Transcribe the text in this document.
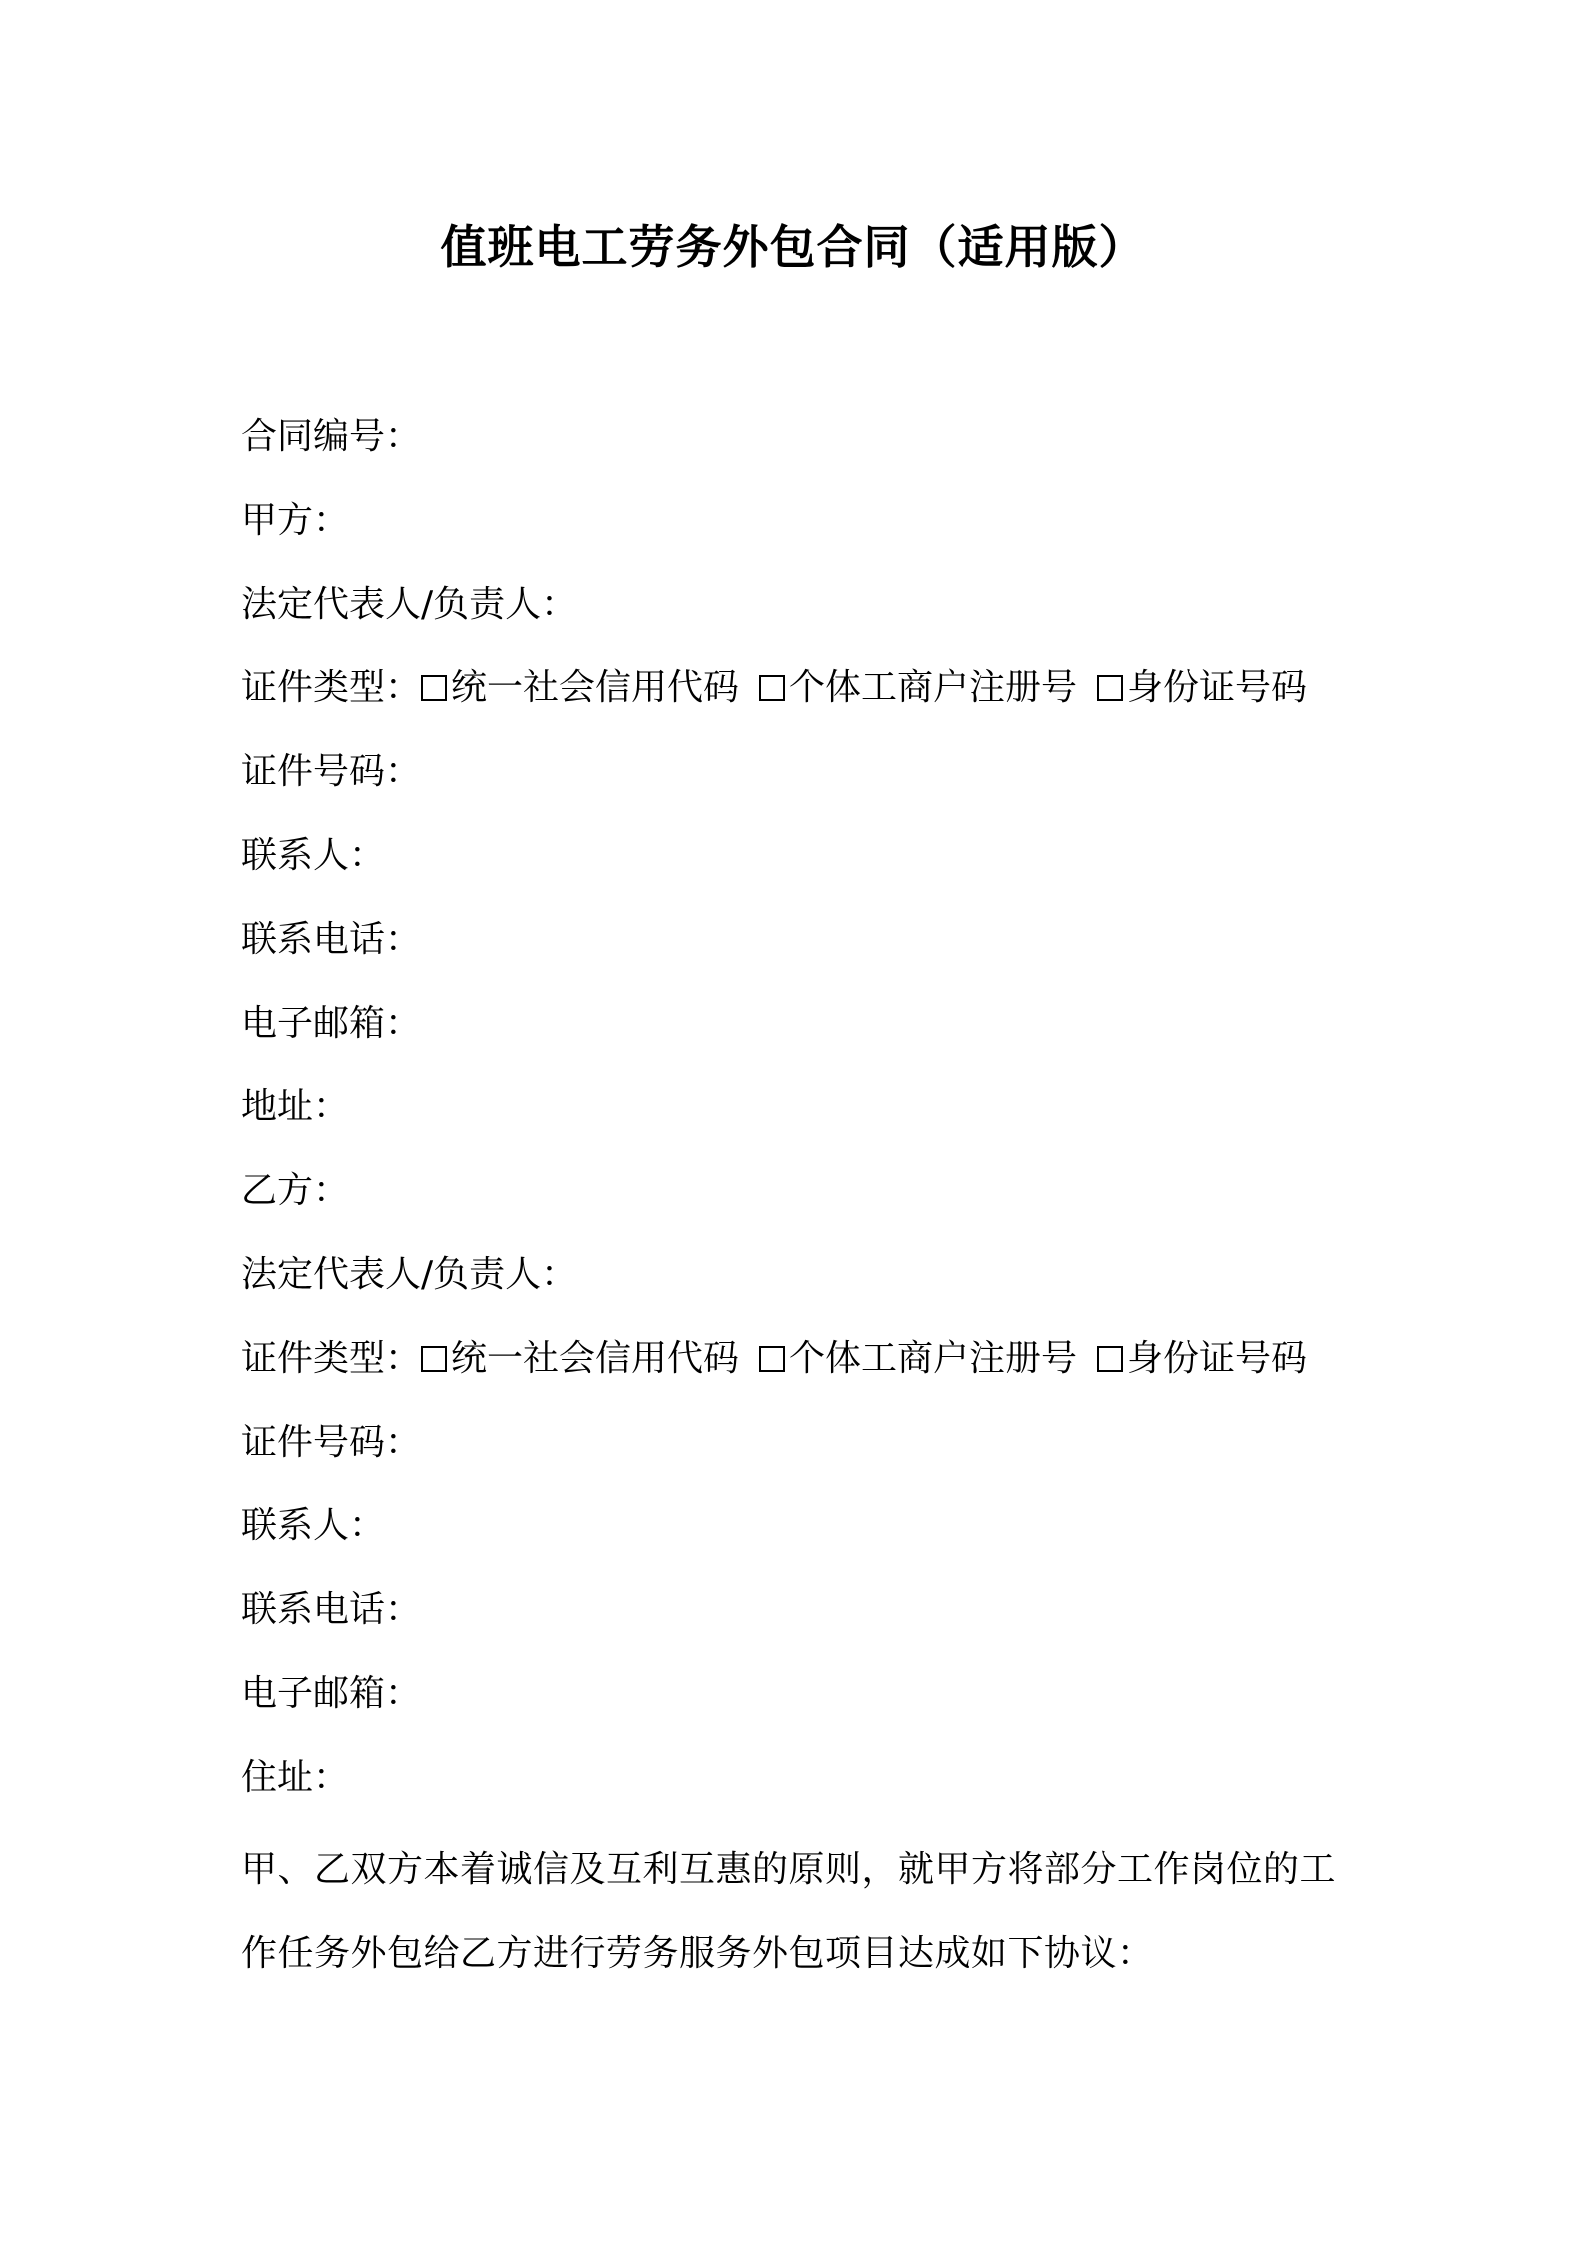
值班电工劳务外包合同（适用版）
合同编号：
甲方：
法定代表人/负责人：
证件类型： 统一社会信用代码 个体工商户注册号 身份证号码
证件号码：
联系人：
联系电话：
电子邮箱：
地址：
乙方：
法定代表人/负责人：
证件类型： 统一社会信用代码 个体工商户注册号 身份证号码
证件号码：
联系人：
联系电话：
电子邮箱：
住址：
甲、乙双方本着诚信及互利互惠的原则，就甲方将部分工作岗位的工作任务外包给乙方进行劳务服务外包项目达成如下协议：
